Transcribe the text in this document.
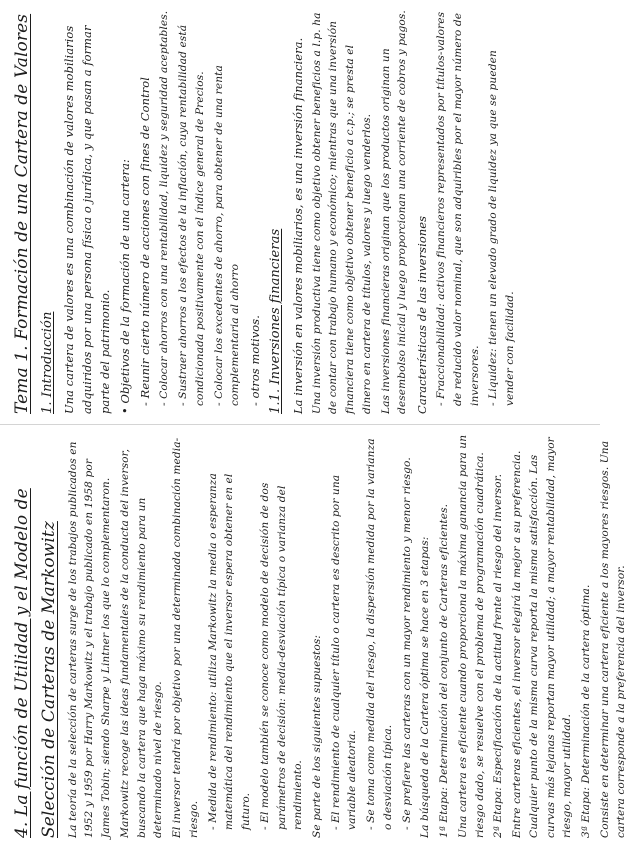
Tema 1. Formación de una Cartera de Valores 1. Introducción Una cartera de valores es una combinación de valores mobiliarios adquiridos por una persona física o jurídica, y que pasan a formar parte del patrimonio. • Objetivos de la formación de una cartera: - Reunir cierto número de acciones con fines de Control - Colocar ahorros con una rentabilidad, liquidez y seguridad aceptables. - Sustraer ahorros a los efectos de la inflación, cuya rentabilidad está condicionada positivamente con el índice general de Precios. - Colocar los excedentes de ahorro, para obtener de una renta complementaria al ahorro - otros motivos. 1.1. Inversiones financieras La inversión en valores mobiliarios, es una inversión financiera. Una inversión productiva tiene como objetivo obtener beneficios a l.p. ha de contar con trabajo humano y económico; mientras que una inversión financiera tiene como objetivo obtener beneficio a c.p.; se presta el dinero en cartera de títulos, valores y luego venderlos. Las inversiones financieras originan que los productos originan un desembolso inicial y luego proporcionan una corriente de cobros y pagos. Características de las inversiones - Fraccionabilidad: activos financieros representados por títulos-valores de reducido valor nominal, que son adquiribles por el mayor número de inversores. - Liquidez: tienen un elevado grado de liquidez ya que se pueden vender con facilidad.

4. La función de Utilidad y el Modelo de Selección de Carteras de Markowitz La teoría de la selección de carteras surge de los trabajos publicados en 1952 y 1959 por Harry Markowitz y el trabajo publicado en 1958 por James Tobin; siendo Sharpe y Lintner los que lo complementaron. Markowitz recoge las ideas fundamentales de la conducta del inversor, buscando la cartera que haga máximo su rendimiento para un determinado nivel de riesgo. El inversor tendrá por objetivo por una determinada combinación media-riesgo. - Medida de rendimiento: utiliza Markowitz la media o esperanza matemática del rendimiento que el inversor espera obtener en el futuro. - El modelo también se conoce como modelo de decisión de dos parámetros de decisión: media-desviación típica o varianza del rendimiento. Se parte de los siguientes supuestos: - El rendimiento de cualquier título o cartera es descrito por una variable aleatoria. - Se toma como medida del riesgo, la dispersión medida por la varianza o desviación típica. - Se prefiere las carteras con un mayor rendimiento y menor riesgo. La búsqueda de la Cartera óptima se hace en 3 etapas: 1ª Etapa: Determinación del conjunto de Carteras eficientes. Una cartera es eficiente cuando proporciona la máxima ganancia para un riesgo dado, se resuelve con el problema de programación cuadrática. 2ª Etapa: Especificación de la actitud frente al riesgo del inversor. Entre carteras eficientes, el inversor elegirá la mejor a su preferencia. Cualquier punto de la misma curva reporta la misma satisfacción. Las curvas más lejanas reportan mayor utilidad; a mayor rentabilidad, mayor riesgo, mayor utilidad. 3ª Etapa: Determinación de la cartera óptima. Consiste en determinar una cartera eficiente a los mayores riesgos. Una cartera corresponde a la preferencia del inversor.
